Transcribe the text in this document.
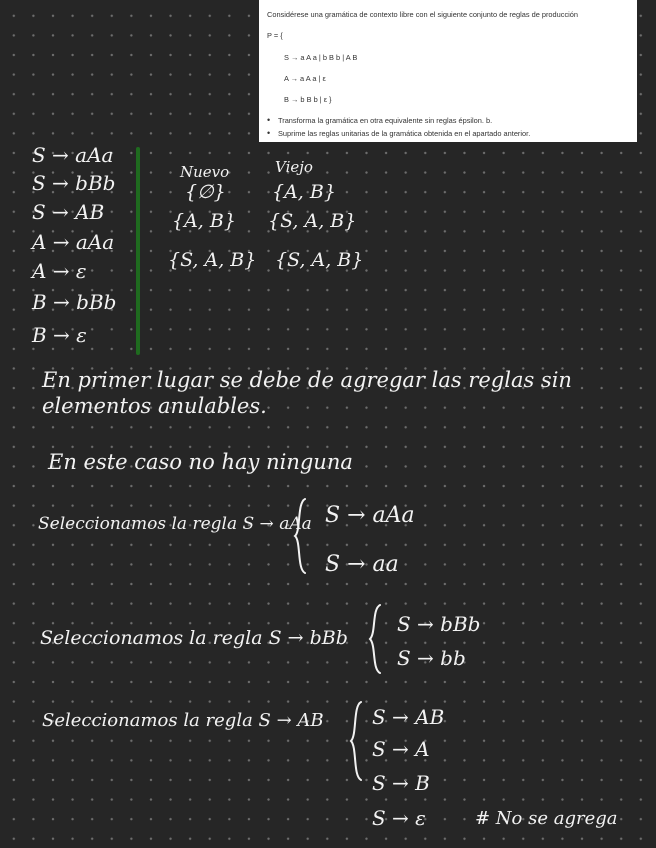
Considérese una gramática de contexto libre con el siguiente conjunto de reglas de producción
P = {
S → a A a | b B b | A B
A → a A a | ε
B → b B b | ε }
• Transforma la gramática en otra equivalente sin reglas épsilon. b.
• Suprime las reglas unitarias de la gramática obtenida en el apartado anterior.
S → aAa
S → bBb
S → AB
A → aAa
A → ε
B → bBb
B → ε
Nuevo	Viejo
{∅} {A, B}
{A, B} {S, A, B}
{S, A, B} {S, A, B}
En primer lugar se debe de agregar las reglas sin
elementos anulables.
En este caso no hay ninguna
Seleccionamos la regla S → aAa S → aAa
S → aa
Seleccionamos la regla S → bBb
S → bBb
S → bb
Seleccionamos la regla S → AB S → AB
S → A
S → B
S → ε	# No se agrega
